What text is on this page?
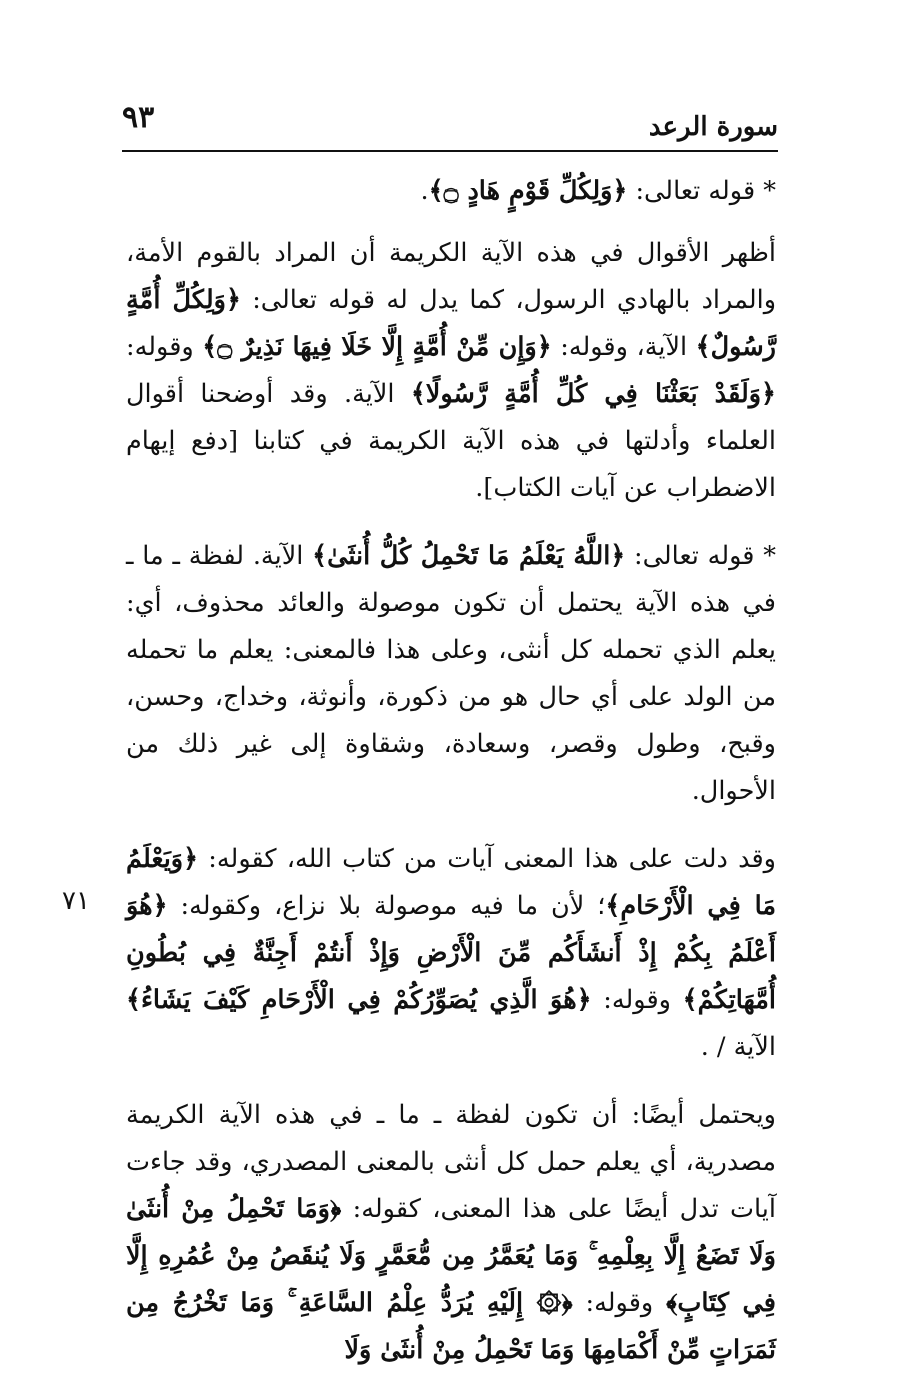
٩٣	سورة الرعد
٧١

* قوله تعالى: ﴿وَلِكُلِّ قَوْمٍ هَادٍ ۝﴾.

أظهر الأقوال في هذه الآية الكريمة أن المراد بالقوم الأمة، والمراد بالهادي الرسول، كما يدل له قوله تعالى: ﴿وَلِكُلِّ أُمَّةٍ رَّسُولٌ﴾ الآية، وقوله: ﴿وَإِن مِّنْ أُمَّةٍ إِلَّا خَلَا فِيهَا نَذِيرٌ ۝﴾ وقوله: ﴿وَلَقَدْ بَعَثْنَا فِي كُلِّ أُمَّةٍ رَّسُولًا﴾ الآية. وقد أوضحنا أقوال العلماء وأدلتها في هذه الآية الكريمة في كتابنا [دفع إيهام الاضطراب عن آيات الكتاب].

* قوله تعالى: ﴿اللَّهُ يَعْلَمُ مَا تَحْمِلُ كُلُّ أُنثَىٰ﴾ الآية. لفظة ـ ما ـ في هذه الآية يحتمل أن تكون موصولة والعائد محذوف، أي: يعلم الذي تحمله كل أنثى، وعلى هذا فالمعنى: يعلم ما تحمله من الولد على أي حال هو من ذكورة، وأنوثة، وخداج، وحسن، وقبح، وطول وقصر، وسعادة، وشقاوة إلى غير ذلك من الأحوال.

وقد دلت على هذا المعنى آيات من كتاب الله، كقوله: ﴿وَيَعْلَمُ مَا فِي الْأَرْحَامِ﴾؛ لأن ما فيه موصولة بلا نزاع، وكقوله: ﴿هُوَ أَعْلَمُ بِكُمْ إِذْ أَنشَأَكُم مِّنَ الْأَرْضِ وَإِذْ أَنتُمْ أَجِنَّةٌ فِي بُطُونِ أُمَّهَاتِكُمْ﴾ وقوله: ﴿هُوَ الَّذِي يُصَوِّرُكُمْ فِي الْأَرْحَامِ كَيْفَ يَشَاءُ﴾ الآية / .

ويحتمل أيضًا: أن تكون لفظة ـ ما ـ في هذه الآية الكريمة مصدرية، أي يعلم حمل كل أنثى بالمعنى المصدري، وقد جاءت آيات تدل أيضًا على هذا المعنى، كقوله: ﴿وَمَا تَحْمِلُ مِنْ أُنثَىٰ وَلَا تَضَعُ إِلَّا بِعِلْمِهِ ۚ وَمَا يُعَمَّرُ مِن مُّعَمَّرٍ وَلَا يُنقَصُ مِنْ عُمُرِهِ إِلَّا فِي كِتَابٍ﴾ وقوله: ﴿۞ إِلَيْهِ يُرَدُّ عِلْمُ السَّاعَةِ ۚ وَمَا تَخْرُجُ مِن ثَمَرَاتٍ مِّنْ أَكْمَامِهَا وَمَا تَحْمِلُ مِنْ أُنثَىٰ وَلَا
